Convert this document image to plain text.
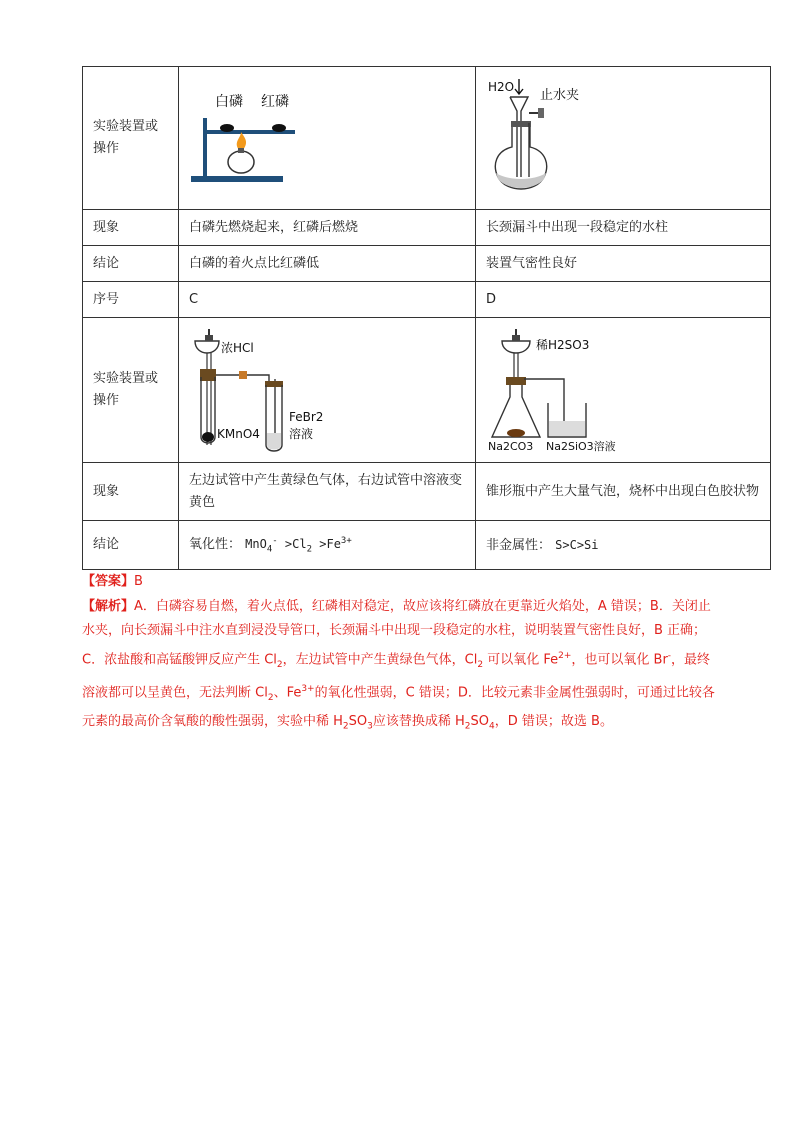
实验装置或操作	白磷 红磷	H2O
止水夹

现象	白磷先燃烧起来，红磷后燃烧	长颈漏斗中出现一段稳定的水柱
结论	白磷的着火点比红磷低	装置气密性良好
序号	C	D
实验装置或操作	浓HCl
KMnO4
FeBr2
溶液	稀H2SO3
Na2CO3 Na2SiO3溶液

现象	左边试管中产生黄绿色气体，右边试管中溶液变黄色	锥形瓶中产生大量气泡，烧杯中出现白色胶状物
结论	氧化性： $MnO_4^- >Cl_2 >Fe^{3+}$	非金属性： S>C>Si
【答案】B
【解析】A．白磷容易自燃，着火点低，红磷相对稳定，故应该将红磷放在更靠近火焰处，A 错误；B．关闭止水夹，向长颈漏斗中注水直到浸没导管口，长颈漏斗中出现一段稳定的水柱，说明装置气密性良好，B 正确；C．浓盐酸和高锰酸钾反应产生 $Cl_2$，左边试管中产生黄绿色气体，$Cl_2$ 可以氧化 $Fe^{2+}$，也可以氧化 Br-，最终溶液都可以呈黄色，无法判断 $Cl_2$、$Fe^{3+}$的氧化性强弱，C 错误；D．比较元素非金属性强弱时，可通过比较各元素的最高价含氧酸的酸性强弱，实验中稀 $H_2SO_3$应该替换成稀 $H_2SO_4$，D 错误；故选 B。
